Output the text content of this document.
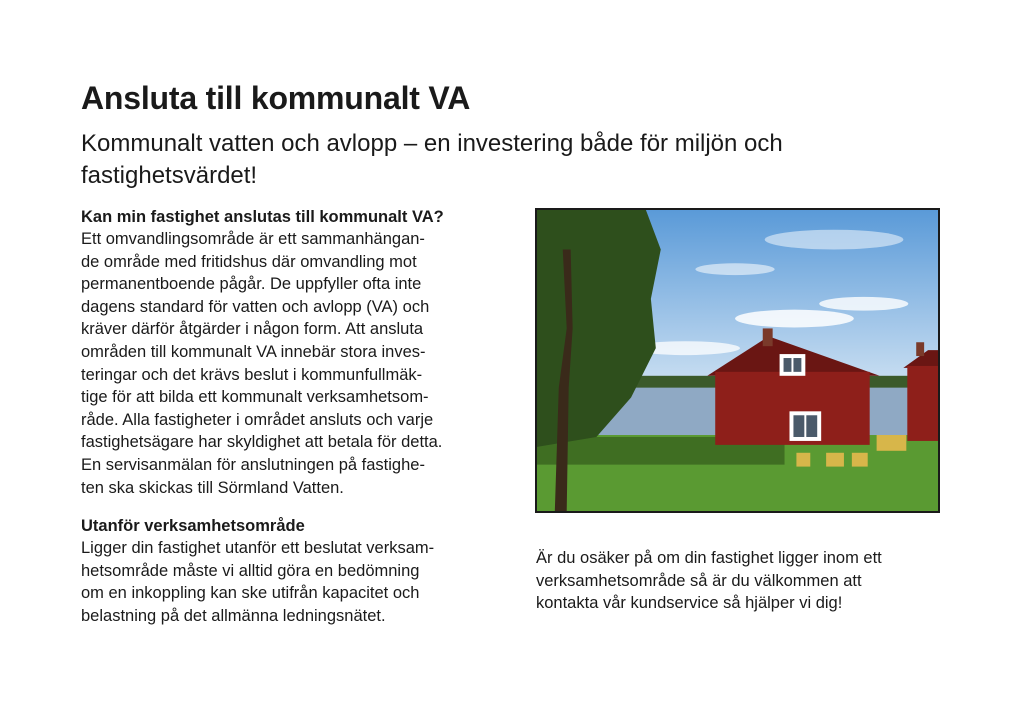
Ansluta till kommunalt VA
Kommunalt vatten och avlopp – en investering både för miljön och
fastighetsvärdet!
Kan min fastighet anslutas till kommunalt VA?

Ett omvandlingsområde är ett sammanhängan-
de område med fritidshus där omvandling mot
permanentboende pågår. De uppfyller ofta inte
dagens standard för vatten och avlopp (VA) och
kräver därför åtgärder i någon form. Att ansluta
områden till kommunalt VA innebär stora inves-
teringar och det krävs beslut i kommunfullmäk-
tige för att bilda ett kommunalt verksamhetsom-
råde. Alla fastigheter i området ansluts och varje
fastighetsägare har skyldighet att betala för detta.
En servisanmälan för anslutningen på fastighe-
ten ska skickas till Sörmland Vatten.

Utanför verksamhetsområde

Ligger din fastighet utanför ett beslutat verksam-
hetsområde måste vi alltid göra en bedömning
om en inkoppling kan ske utifrån kapacitet och
belastning på det allmänna ledningsnätet.

Är du osäker på om din fastighet ligger inom ett
verksamhetsområde så är du välkommen att
kontakta vår kundservice så hjälper vi dig!
